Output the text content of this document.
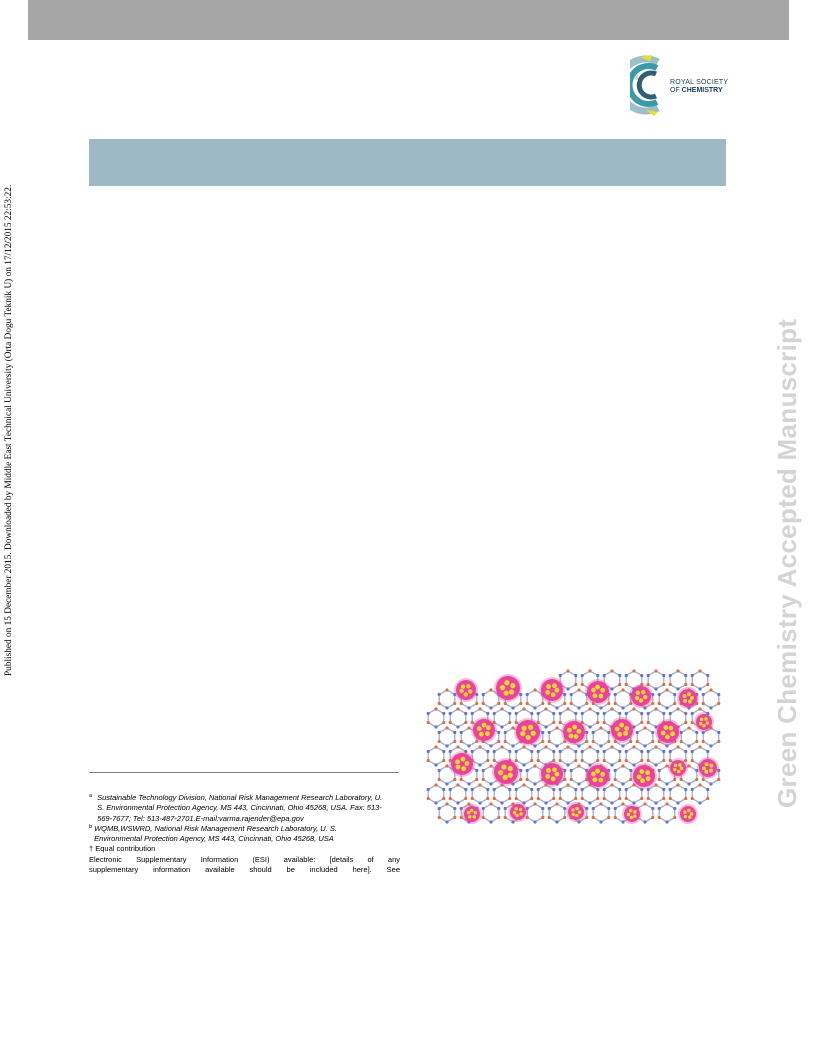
ROYAL SOCIETY
OF CHEMISTRY
Published on 15 December 2015. Downloaded by Middle East Technical University (Orta Dogu Teknik U) on 17/12/2015 22:53:22.	Green Chemistry Accepted Manuscript
$^a$ Sustainable Technology Division, National Risk Management Research Laboratory, U. S. Environmental Protection Agency, MS 443, Cincinnati, Ohio 45268, USA. Fax: 513- 569-7677; Tel: 513-487-2701.E-mail:varma.rajender@epa.gov
$^b$ WQMB,WSWRD, National Risk Management Research Laboratory, U. S. Environmental Protection Agency, MS 443, Cincinnati, Ohio 45268, USA
† Equal contribution
Electronic Supplementary Information (ESI) available: [details of any
supplementary information available should be included here]. See
